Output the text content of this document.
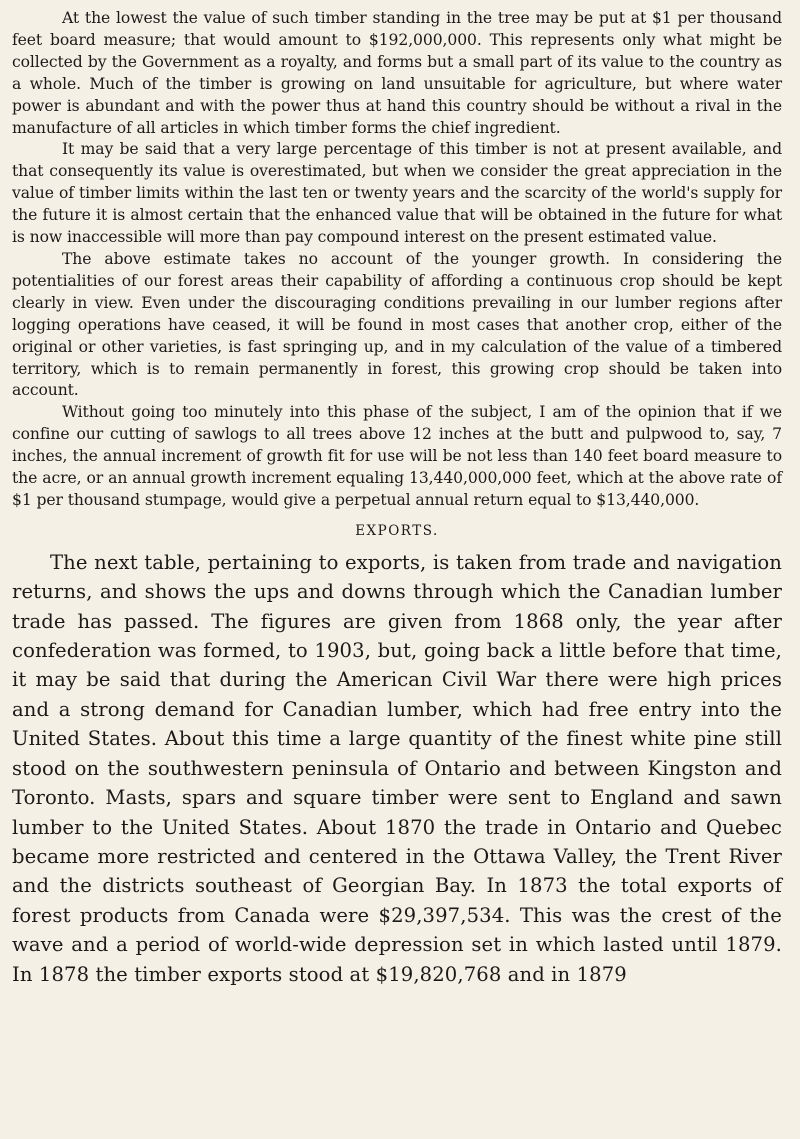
At the lowest the value of such timber standing in the tree may be put at $1 per thousand feet board measure; that would amount to $192,000,000. This represents only what might be collected by the Government as a royalty, and forms but a small part of its value to the country as a whole. Much of the timber is growing on land unsuitable for agriculture, but where water power is abundant and with the power thus at hand this country should be without a rival in the manufacture of all articles in which timber forms the chief ingredient.

It may be said that a very large percentage of this timber is not at present available, and that consequently its value is overestimated, but when we consider the great appreciation in the value of timber limits within the last ten or twenty years and the scarcity of the world's supply for the future it is almost certain that the enhanced value that will be obtained in the future for what is now inaccessible will more than pay compound interest on the present estimated value.

The above estimate takes no account of the younger growth. In considering the potentialities of our forest areas their capability of affording a continuous crop should be kept clearly in view. Even under the discouraging conditions prevailing in our lumber regions after logging operations have ceased, it will be found in most cases that another crop, either of the original or other varieties, is fast springing up, and in my calculation of the value of a timbered territory, which is to remain permanently in forest, this growing crop should be taken into account.

Without going too minutely into this phase of the subject, I am of the opinion that if we confine our cutting of sawlogs to all trees above 12 inches at the butt and pulpwood to, say, 7 inches, the annual increment of growth fit for use will be not less than 140 feet board measure to the acre, or an annual growth increment equaling 13,440,000,000 feet, which at the above rate of $1 per thousand stumpage, would give a perpetual annual return equal to $13,440,000.

EXPORTS.

The next table, pertaining to exports, is taken from trade and navigation returns, and shows the ups and downs through which the Canadian lumber trade has passed. The figures are given from 1868 only, the year after confederation was formed, to 1903, but, going back a little before that time, it may be said that during the American Civil War there were high prices and a strong demand for Canadian lumber, which had free entry into the United States. About this time a large quantity of the finest white pine still stood on the southwestern peninsula of Ontario and between Kingston and Toronto. Masts, spars and square timber were sent to England and sawn lumber to the United States. About 1870 the trade in Ontario and Quebec became more restricted and centered in the Ottawa Valley, the Trent River and the districts southeast of Georgian Bay. In 1873 the total exports of forest products from Canada were $29,397,534. This was the crest of the wave and a period of world-wide depression set in which lasted until 1879. In 1878 the timber exports stood at $19,820,768 and in 1879
